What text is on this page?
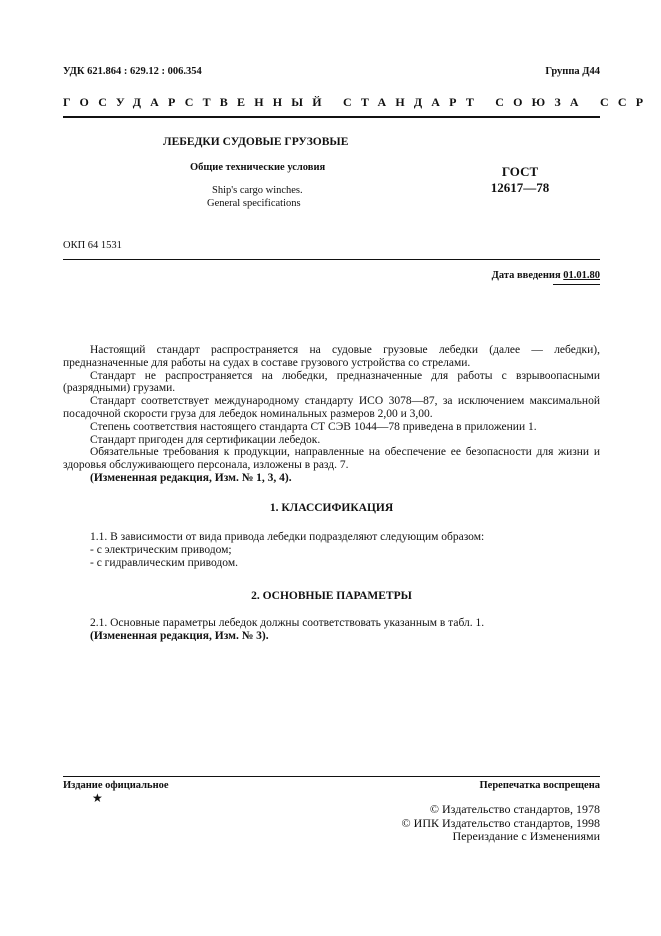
УДК 621.864 : 629.12 : 006.354	Группа Д44
ГОСУДАРСТВЕННЫЙ СТАНДАРТ СОЮЗА ССР
ЛЕБЕДКИ СУДОВЫЕ ГРУЗОВЫЕ
Общие технические условия
Ship's cargo winches.
General specifications
ГОСТ
12617—78
ОКП 64 1531
Дата введения 01.01.80

Настоящий стандарт распространяется на судовые грузовые лебедки (далее — лебедки), предназначенные для работы на судах в составе грузового устройства со стрелами.

Стандарт не распространяется на любедки, предназначенные для работы с взрывоопасными (разрядными) грузами.

Стандарт соответствует международному стандарту ИСО 3078—87, за исключением максимальной посадочной скорости груза для лебедок номинальных размеров 2,00 и 3,00.

Степень соответствия настоящего стандарта СТ СЭВ 1044—78 приведена в приложении 1.

Стандарт пригоден для сертификации лебедок.

Обязательные требования к продукции, направленные на обеспечение ее безопасности для жизни и здоровья обслуживающего персонала, изложены в разд. 7.

(Измененная редакция, Изм. № 1, 3, 4).

1. КЛАССИФИКАЦИЯ
1.1. В зависимости от вида привода лебедки подразделяют следующим образом:
- с электрическим приводом;
- с гидравлическим приводом.
2. ОСНОВНЫЕ ПАРАМЕТРЫ
2.1. Основные параметры лебедок должны соответствовать указанным в табл. 1.
(Измененная редакция, Изм. № 3).
Издание официальное	Перепечатка воспрещена
★
© Издательство стандартов, 1978
© ИПК Издательство стандартов, 1998
Переиздание с Изменениями
